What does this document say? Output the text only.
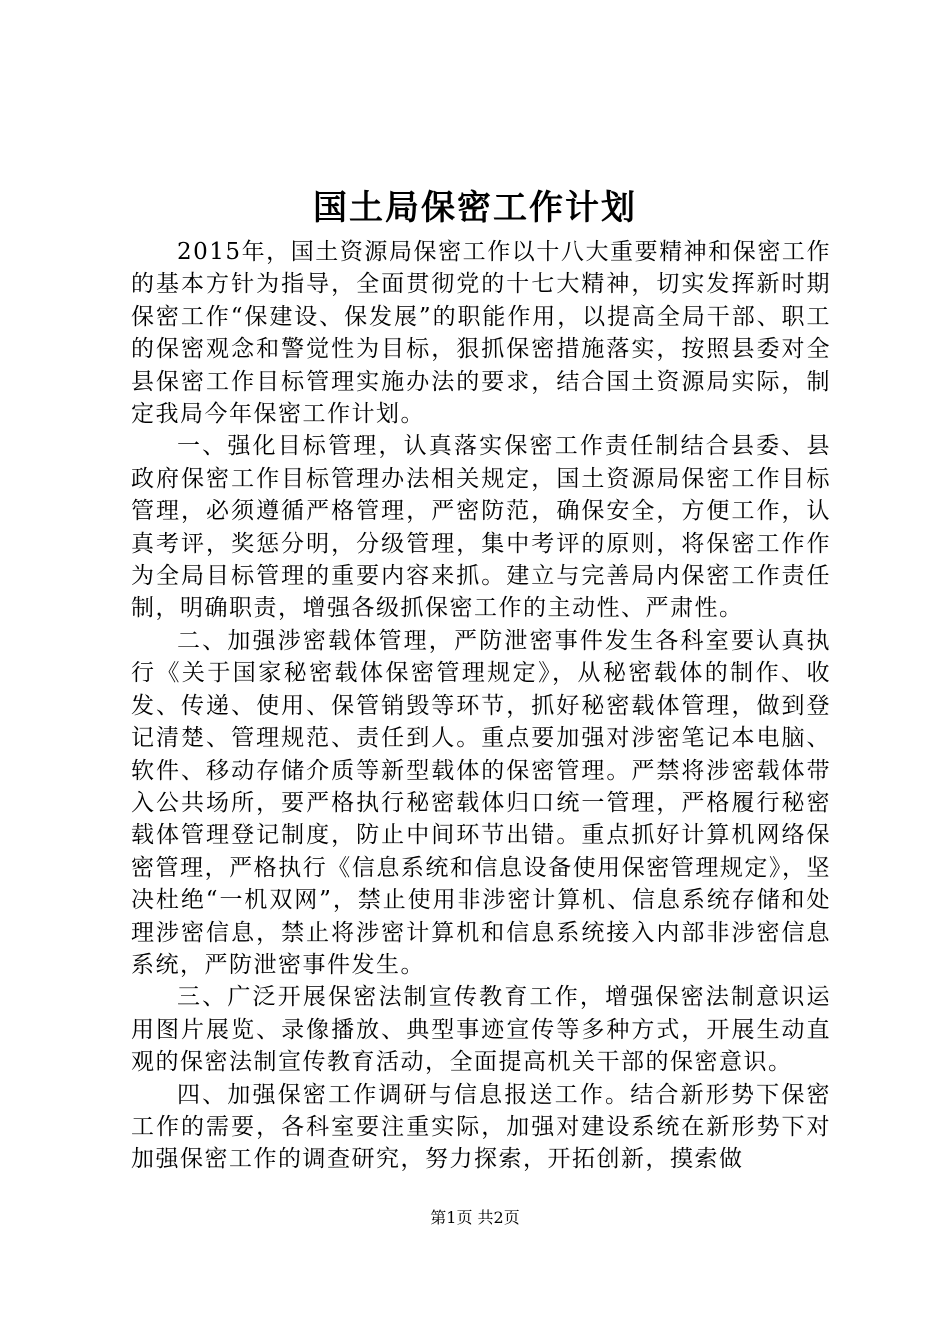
国土局保密工作计划

2015年，国土资源局保密工作以十八大重要精神和保密工作的基本方针为指导，全面贯彻党的十七大精神，切实发挥新时期保密工作“保建设、保发展”的职能作用，以提高全局干部、职工的保密观念和警觉性为目标，狠抓保密措施落实，按照县委对全县保密工作目标管理实施办法的要求，结合国土资源局实际，制定我局今年保密工作计划。

一、强化目标管理，认真落实保密工作责任制结合县委、县政府保密工作目标管理办法相关规定，国土资源局保密工作目标管理，必须遵循严格管理，严密防范，确保安全，方便工作，认真考评，奖惩分明，分级管理，集中考评的原则，将保密工作作为全局目标管理的重要内容来抓。建立与完善局内保密工作责任制，明确职责，增强各级抓保密工作的主动性、严肃性。

二、加强涉密载体管理，严防泄密事件发生各科室要认真执行《关于国家秘密载体保密管理规定》，从秘密载体的制作、收发、传递、使用、保管销毁等环节，抓好秘密载体管理，做到登记清楚、管理规范、责任到人。重点要加强对涉密笔记本电脑、软件、移动存储介质等新型载体的保密管理。严禁将涉密载体带入公共场所，要严格执行秘密载体归口统一管理，严格履行秘密载体管理登记制度，防止中间环节出错。重点抓好计算机网络保密管理，严格执行《信息系统和信息设备使用保密管理规定》，坚决杜绝“一机双网”，禁止使用非涉密计算机、信息系统存储和处理涉密信息，禁止将涉密计算机和信息系统接入内部非涉密信息系统，严防泄密事件发生。

三、广泛开展保密法制宣传教育工作，增强保密法制意识运用图片展览、录像播放、典型事迹宣传等多种方式，开展生动直观的保密法制宣传教育活动，全面提高机关干部的保密意识。

四、加强保密工作调研与信息报送工作。结合新形势下保密工作的需要，各科室要注重实际，加强对建设系统在新形势下对加强保密工作的调查研究，努力探索，开拓创新，摸索做

第1页 共2页
